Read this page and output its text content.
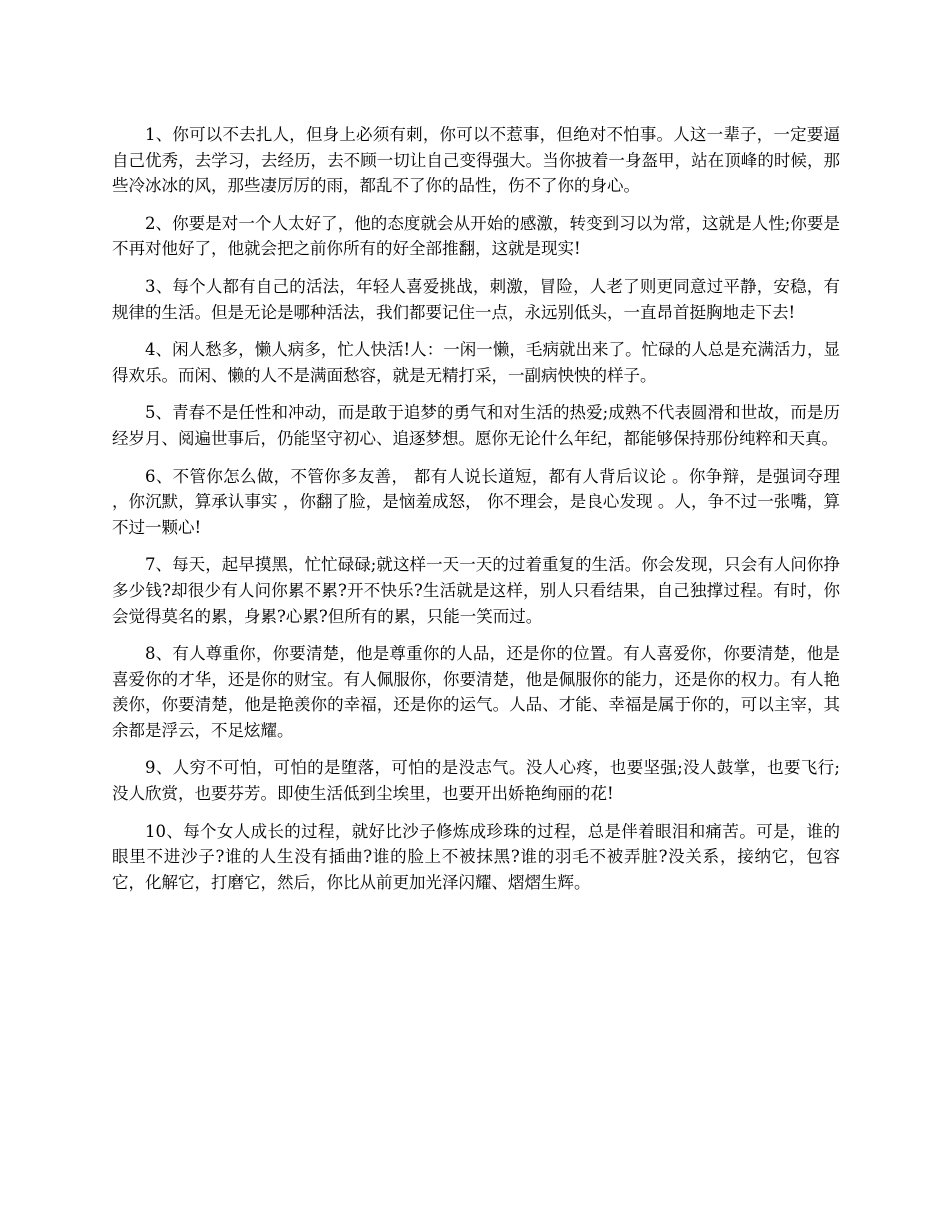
1、你可以不去扎人，但身上必须有刺，你可以不惹事，但绝对不怕事。人这一辈子，一定要逼自己优秀，去学习，去经历，去不顾一切让自己变得强大。当你披着一身盔甲，站在顶峰的时候，那些冷冰冰的风，那些凄厉厉的雨，都乱不了你的品性，伤不了你的身心。

2、你要是对一个人太好了，他的态度就会从开始的感激，转变到习以为常，这就是人性;你要是不再对他好了，他就会把之前你所有的好全部推翻，这就是现实!

3、每个人都有自己的活法，年轻人喜爱挑战，刺激，冒险，人老了则更同意过平静，安稳，有规律的生活。但是无论是哪种活法，我们都要记住一点，永远别低头，一直昂首挺胸地走下去!

4、闲人愁多，懒人病多，忙人快活!人：一闲一懒，毛病就出来了。忙碌的人总是充满活力，显得欢乐。而闲、懒的人不是满面愁容，就是无精打采，一副病怏怏的样子。

5、青春不是任性和冲动，而是敢于追梦的勇气和对生活的热爱;成熟不代表圆滑和世故，而是历经岁月、阅遍世事后，仍能坚守初心、追逐梦想。愿你无论什么年纪，都能够保持那份纯粹和天真。

6、不管你怎么做，不管你多友善， 都有人说长道短，都有人背后议论 。你争辩，是强词夺理 ，你沉默，算承认事实 ，你翻了脸，是恼羞成怒， 你不理会，是良心发现 。人，争不过一张嘴，算不过一颗心!

7、每天，起早摸黑，忙忙碌碌;就这样一天一天的过着重复的生活。你会发现，只会有人问你挣多少钱?却很少有人问你累不累?开不快乐?生活就是这样，别人只看结果，自己独撑过程。有时，你会觉得莫名的累，身累?心累?但所有的累，只能一笑而过。

8、有人尊重你，你要清楚，他是尊重你的人品，还是你的位置。有人喜爱你，你要清楚，他是喜爱你的才华，还是你的财宝。有人佩服你，你要清楚，他是佩服你的能力，还是你的权力。有人艳羡你，你要清楚，他是艳羡你的幸福，还是你的运气。人品、才能、幸福是属于你的，可以主宰，其余都是浮云，不足炫耀。

9、人穷不可怕，可怕的是堕落，可怕的是没志气。没人心疼，也要坚强;没人鼓掌，也要飞行;没人欣赏，也要芬芳。即使生活低到尘埃里，也要开出娇艳绚丽的花!

10、每个女人成长的过程，就好比沙子修炼成珍珠的过程，总是伴着眼泪和痛苦。可是，谁的眼里不进沙子?谁的人生没有插曲?谁的脸上不被抹黑?谁的羽毛不被弄脏?没关系，接纳它，包容它，化解它，打磨它，然后，你比从前更加光泽闪耀、熠熠生辉。
